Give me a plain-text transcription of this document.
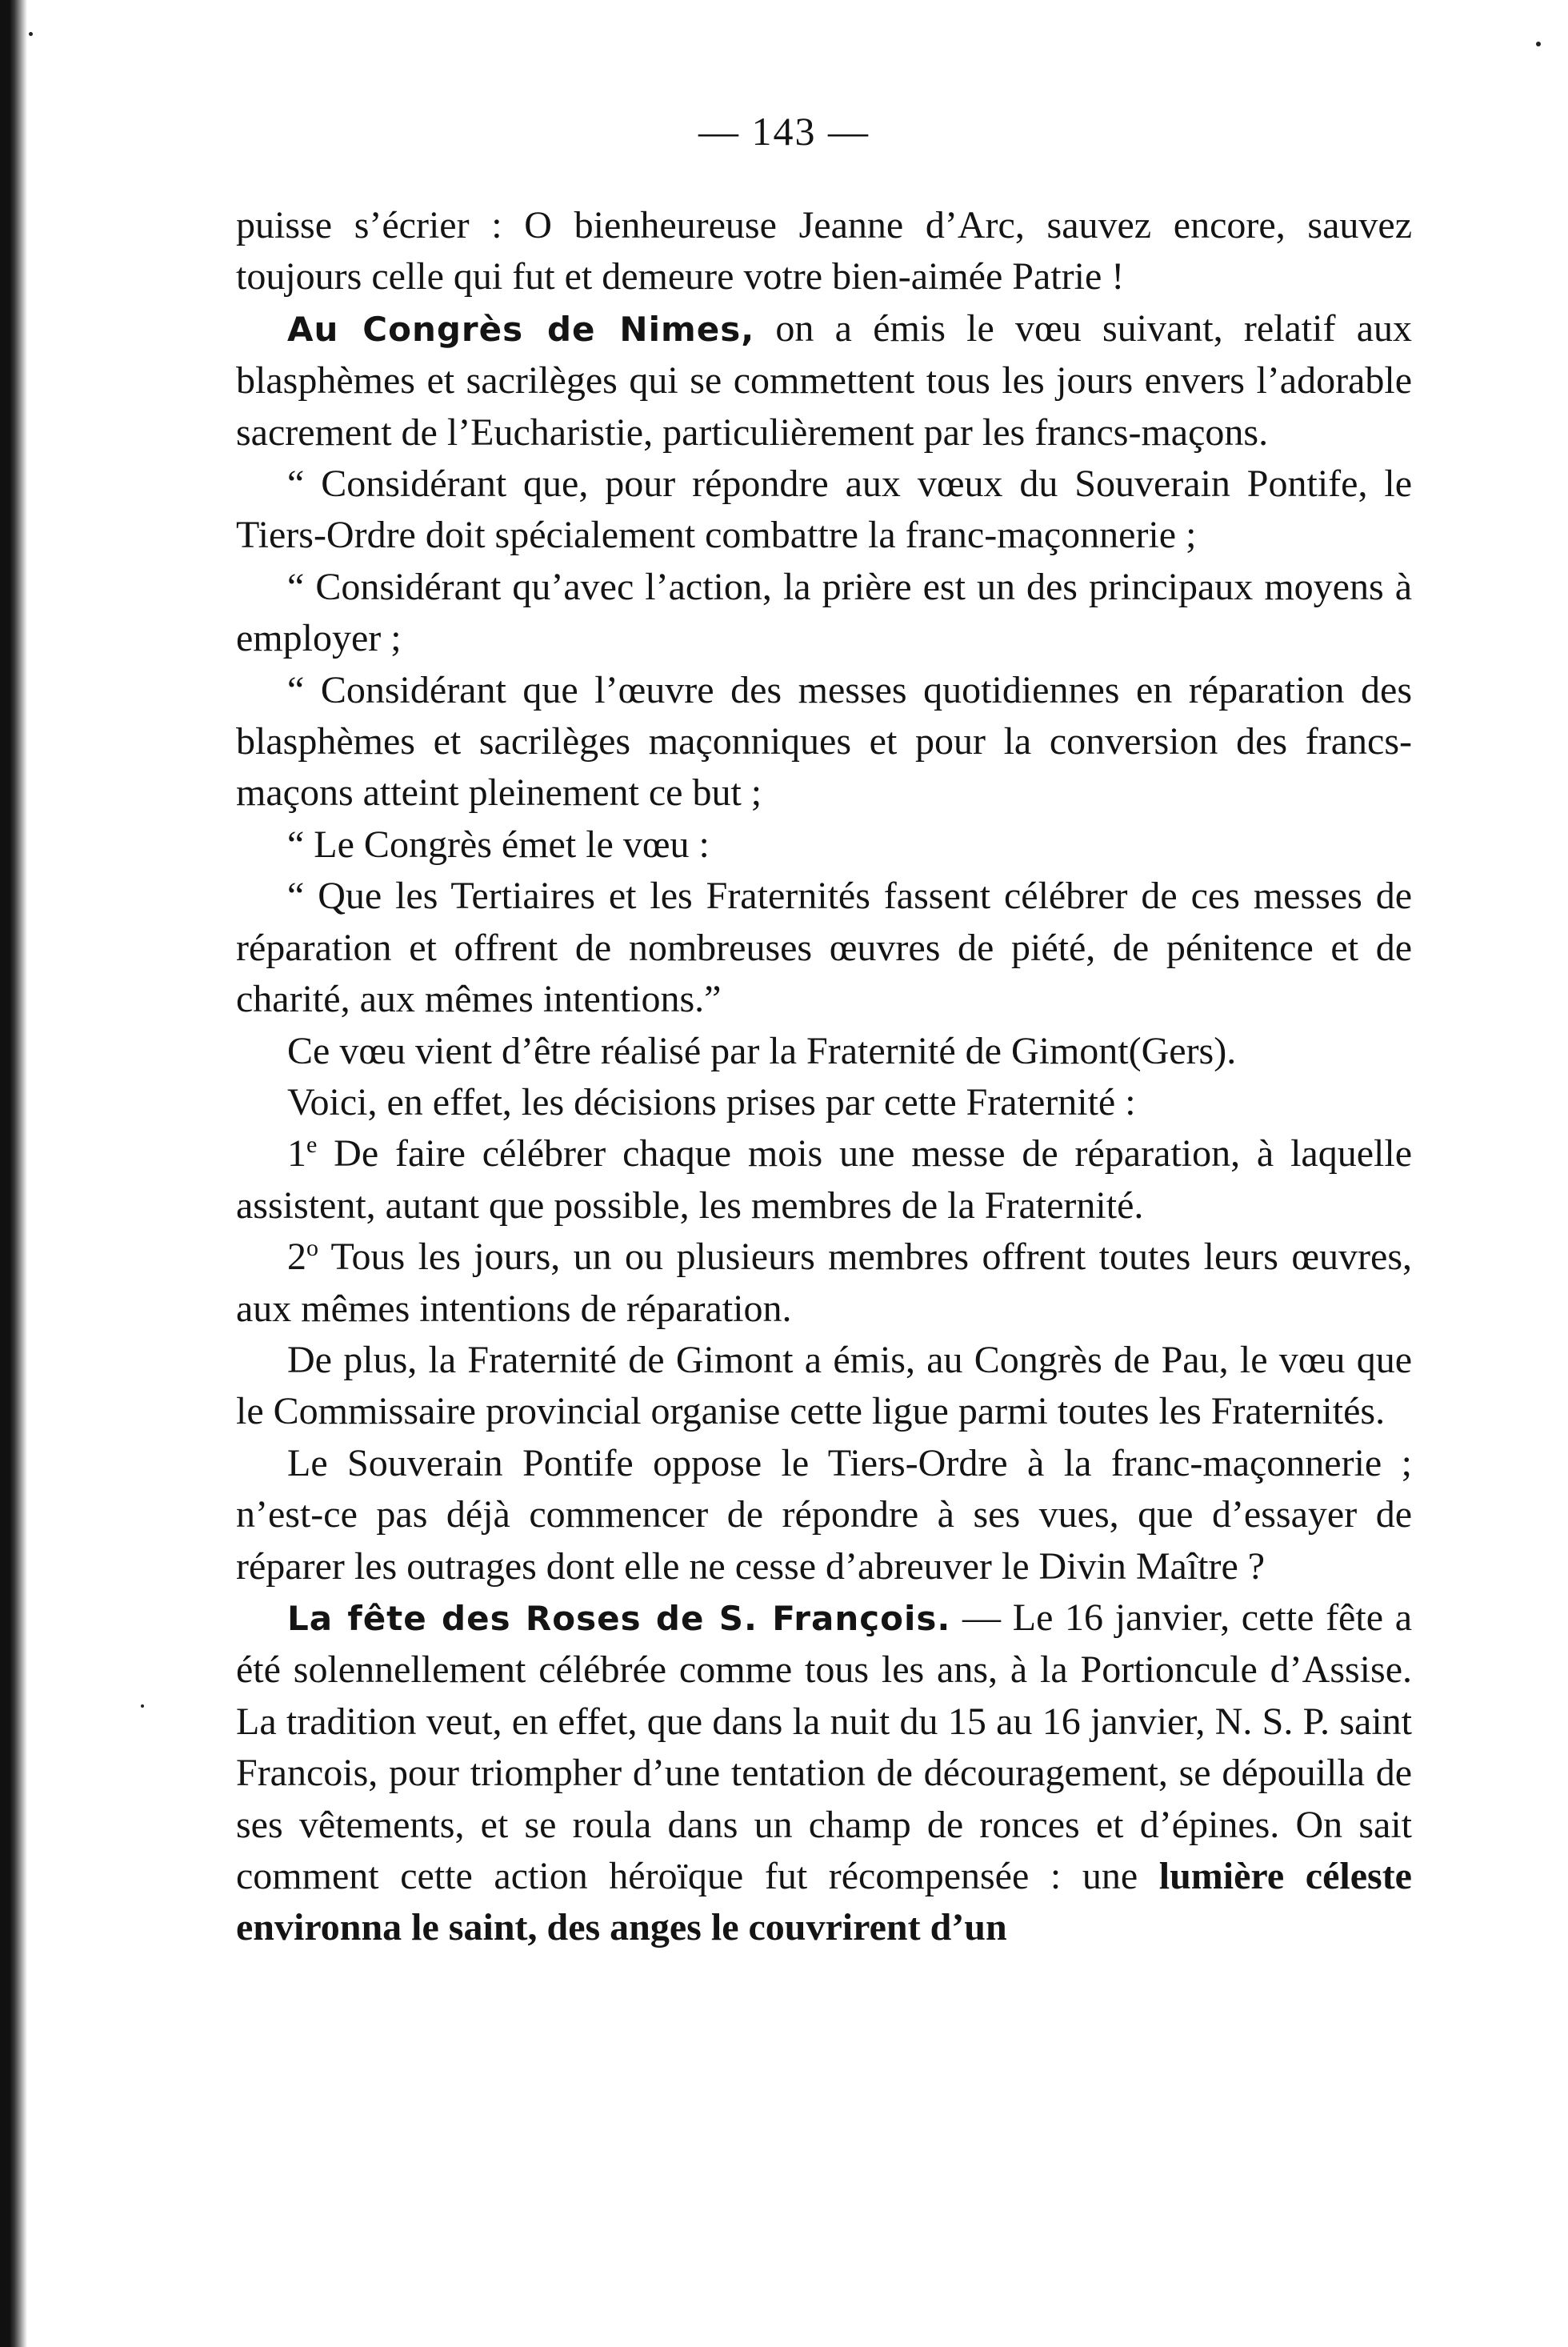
— 143 —

puisse s’écrier : O bienheureuse Jeanne d’Arc, sauvez encore, sauvez toujours celle qui fut et demeure votre bien-aimée Patrie !

Au Congrès de Nimes, on a émis le vœu suivant, relatif aux blasphèmes et sacrilèges qui se commettent tous les jours envers l’adorable sacrement de l’Eucharistie, particulièrement par les francs-maçons.

“ Considérant que, pour répondre aux vœux du Souverain Pontife, le Tiers-Ordre doit spécialement combattre la franc-maçonnerie ;

“ Considérant qu’avec l’action, la prière est un des principaux moyens à employer ;

“ Considérant que l’œuvre des messes quotidiennes en réparation des blasphèmes et sacrilèges maçonniques et pour la conversion des francs-maçons atteint pleinement ce but ;

“ Le Congrès émet le vœu :

“ Que les Tertiaires et les Fraternités fassent célébrer de ces messes de réparation et offrent de nombreuses œuvres de piété, de pénitence et de charité, aux mêmes intentions.”

Ce vœu vient d’être réalisé par la Fraternité de Gimont(Gers).

Voici, en effet, les décisions prises par cette Fraternité :

1e De faire célébrer chaque mois une messe de réparation, à laquelle assistent, autant que possible, les membres de la Fraternité.

2$^o$ Tous les jours, un ou plusieurs membres offrent toutes leurs œuvres, aux mêmes intentions de réparation.

De plus, la Fraternité de Gimont a émis, au Congrès de Pau, le vœu que le Commissaire provincial organise cette ligue parmi toutes les Fraternités.

Le Souverain Pontife oppose le Tiers-Ordre à la franc-maçonnerie ; n’est-ce pas déjà commencer de répondre à ses vues, que d’essayer de réparer les outrages dont elle ne cesse d’abreuver le Divin Maître ?

La fête des Roses de S. François. — Le 16 janvier, cette fête a été solennellement célébrée comme tous les ans, à la Portioncule d’Assise. La tradition veut, en effet, que dans la nuit du 15 au 16 janvier, N. S. P. saint Francois, pour triompher d’une tentation de découragement, se dépouilla de ses vêtements, et se roula dans un champ de ronces et d’épines. On sait comment cette action héroïque fut récompensée : une lumière céleste environna le saint, des anges le couvrirent d’un
